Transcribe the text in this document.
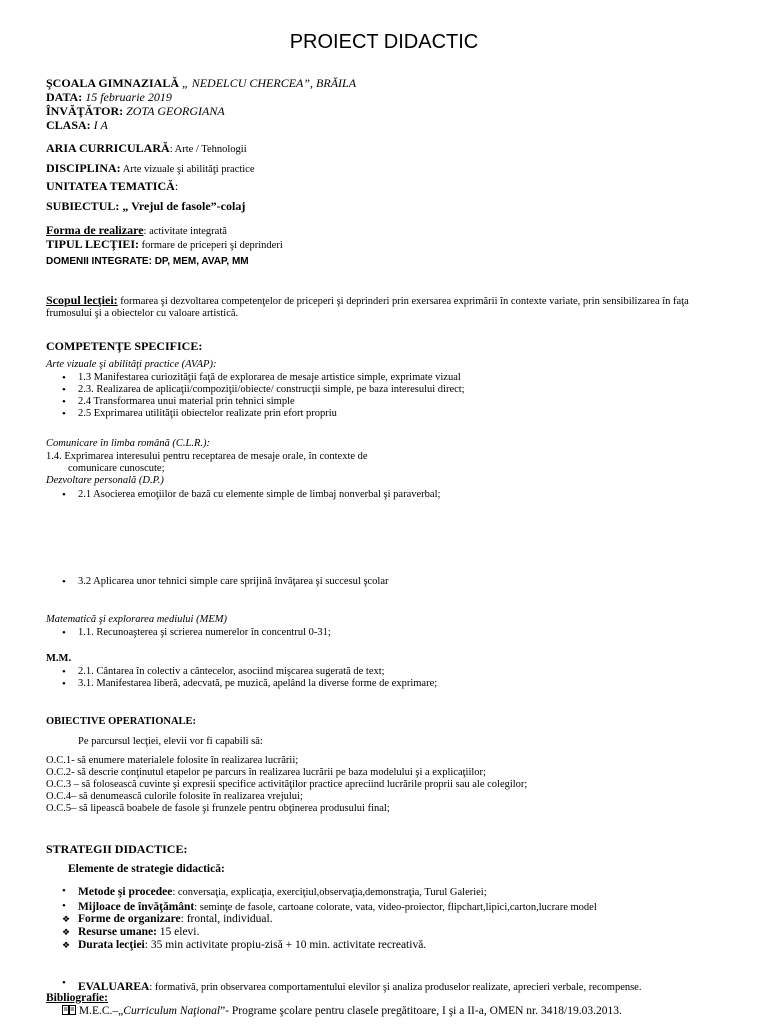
PROIECT DIDACTIC
ŞCOALA GIMNAZIALĂ „ NEDELCU CHERCEA”, BRĂILA
DATA: 15 februarie 2019
ÎNVĂŢĂTOR: ZOTA GEORGIANA
CLASA: I A
ARIA CURRICULARĂ: Arte / Tehnologii
DISCIPLINA: Arte vizuale şi abilităţi practice
UNITATEA TEMATICĂ:
SUBIECTUL: „ Vrejul de fasole”-colaj
Forma de realizare: activitate integrată
TIPUL LECŢIEI: formare de priceperi şi deprinderi
DOMENII INTEGRATE: DP, MEM, AVAP, MM
Scopul lecţiei: formarea şi dezvoltarea competenţelor de priceperi şi deprinderi prin exersarea exprimării în contexte variate, prin sensibilizarea în faţa
frumosului şi a obiectelor cu valoare artistică.
COMPETENŢE SPECIFICE:
Arte vizuale şi abilităţi practice (AVAP):
• 1.3 Manifestarea curiozităţii faţă de explorarea de mesaje artistice simple, exprimate vizual
• 2.3. Realizarea de aplicaţii/compoziţii/obiecte/ construcţii simple, pe baza interesului direct;
• 2.4 Transformarea unui material prin tehnici simple
• 2.5 Exprimarea utilităţii obiectelor realizate prin efort propriu
Comunicare în limba română (C.L.R.):
1.4. Exprimarea interesului pentru receptarea de mesaje orale, în contexte de
comunicare cunoscute;
Dezvoltare personală (D.P.)
• 2.1 Asocierea emoţiilor de bază cu elemente simple de limbaj nonverbal şi paraverbal;
• 3.2 Aplicarea unor tehnici simple care sprijină învăţarea şi succesul şcolar
Matematică şi explorarea mediului (MEM)
• 1.1. Recunoaşterea şi scrierea numerelor în concentrul 0-31;
M.M.
• 2.1. Cântarea în colectiv a cântecelor, asociind mişcarea sugerată de text;
• 3.1. Manifestarea liberă, adecvată, pe muzică, apelând la diverse forme de exprimare;
OBIECTIVE OPERATIONALE:
Pe parcursul lecţiei, elevii vor fi capabili să:
O.C.1- să enumere materialele folosite în realizarea lucrării;
O.C.2- să descrie conţinutul etapelor pe parcurs în realizarea lucrării pe baza modelului şi a explicaţiilor;
O.C.3 – să folosească cuvinte şi expresii specifice activităţilor practice apreciind lucrările proprii sau ale colegilor;
O.C.4– să denumească culorile folosite în realizarea vrejului;
O.C.5– să lipească boabele de fasole şi frunzele pentru obţinerea produsului final;
STRATEGII DIDACTICE:
Elemente de strategie didactică:
• Metode şi procedee: conversaţia, explicaţia, exerciţiul,observaţia,demonstraţia, Turul Galeriei;
• Mijloace de învăţământ: seminţe de fasole, cartoane colorate, vata, video-proiector, flipchart,lipici,carton,lucrare model
❖ Forme de organizare: frontal, individual.
❖ Resurse umane: 15 elevi.
❖ Durata lecţiei: 35 min activitate propiu-zisă + 10 min. activitate recreativă.
• EVALUAREA: formativă, prin observarea comportamentului elevilor şi analiza produselor realizate, aprecieri verbale, recompense.
Bibliografie:
M.E.C.–„Curriculum Naţional”- Programe şcolare pentru clasele pregătitoare, I şi a II-a, OMEN nr. 3418/19.03.2013.
